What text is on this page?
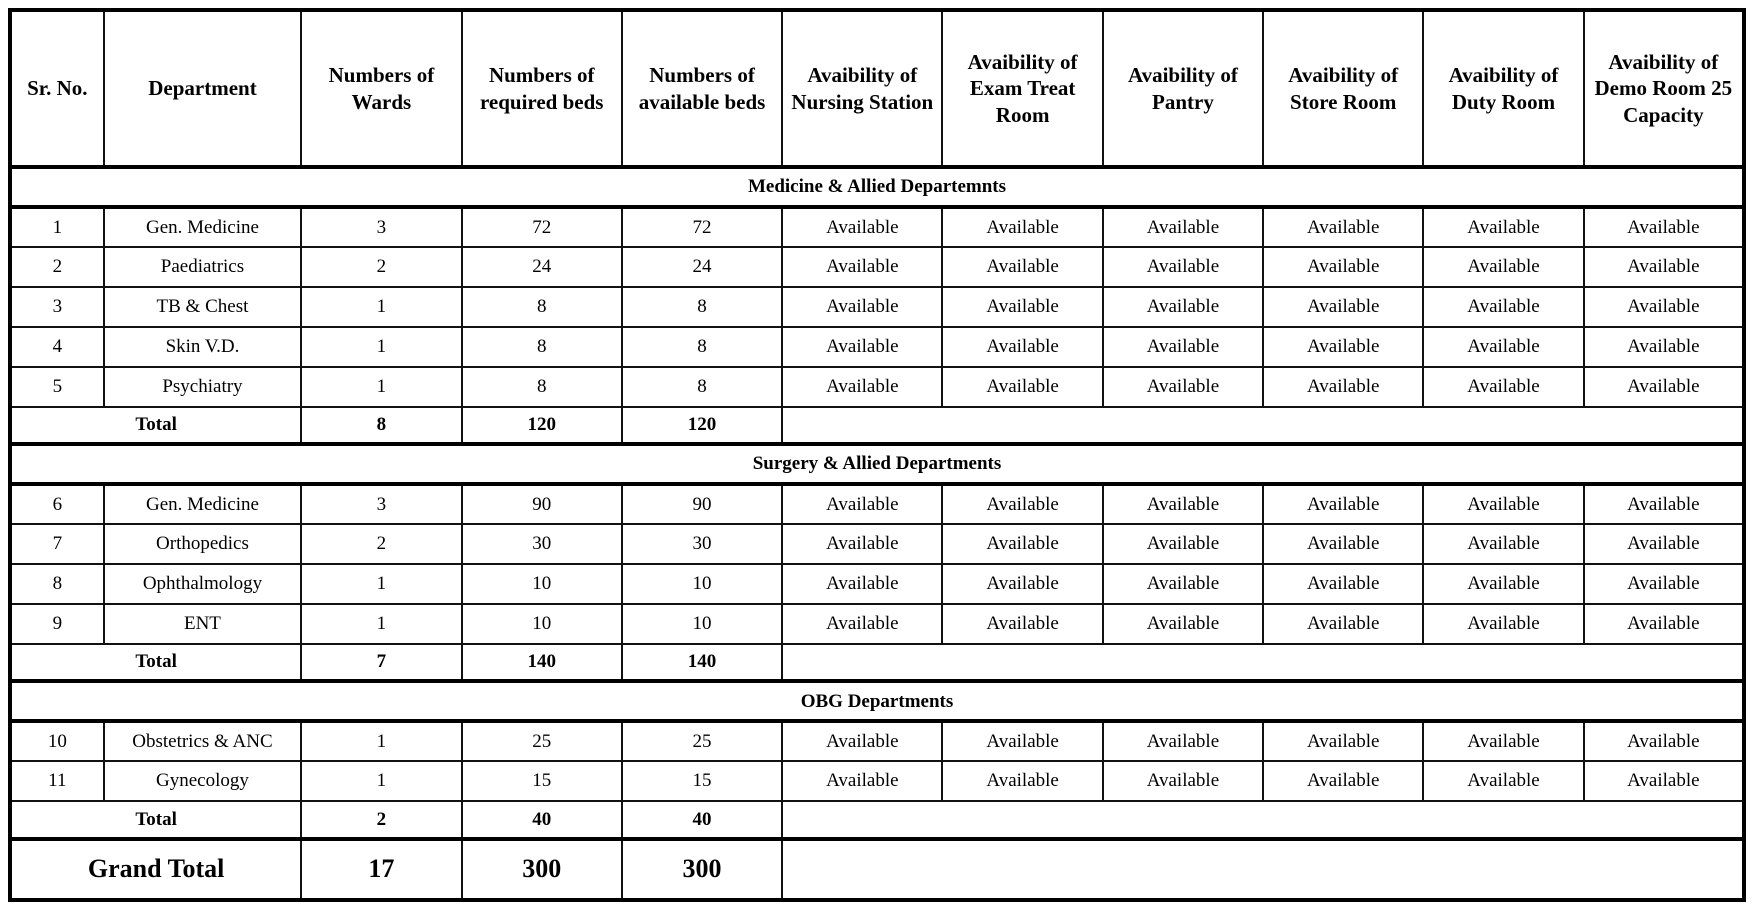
Sr. No.	Department	Numbers of Wards	Numbers of required beds	Numbers of available beds	Avaibility of Nursing Station	Avaibility of Exam Treat Room	Avaibility of Pantry	Avaibility of Store Room	Avaibility of Duty Room	Avaibility of Demo Room 25 Capacity
Medicine & Allied Departemnts										
1	Gen. Medicine	3	72	72	Available	Available	Available	Available	Available	Available
2	Paediatrics	2	24	24	Available	Available	Available	Available	Available	Available
3	TB & Chest	1	8	8	Available	Available	Available	Available	Available	Available
4	Skin V.D.	1	8	8	Available	Available	Available	Available	Available	Available
5	Psychiatry	1	8	8	Available	Available	Available	Available	Available	Available
Total		8	120	120						
Surgery & Allied Departments										
6	Gen. Medicine	3	90	90	Available	Available	Available	Available	Available	Available
7	Orthopedics	2	30	30	Available	Available	Available	Available	Available	Available
8	Ophthalmology	1	10	10	Available	Available	Available	Available	Available	Available
9	ENT	1	10	10	Available	Available	Available	Available	Available	Available
Total		7	140	140						
OBG Departments										
10	Obstetrics & ANC	1	25	25	Available	Available	Available	Available	Available	Available
11	Gynecology	1	15	15	Available	Available	Available	Available	Available	Available
Total		2	40	40						
Grand Total		17	300	300						
